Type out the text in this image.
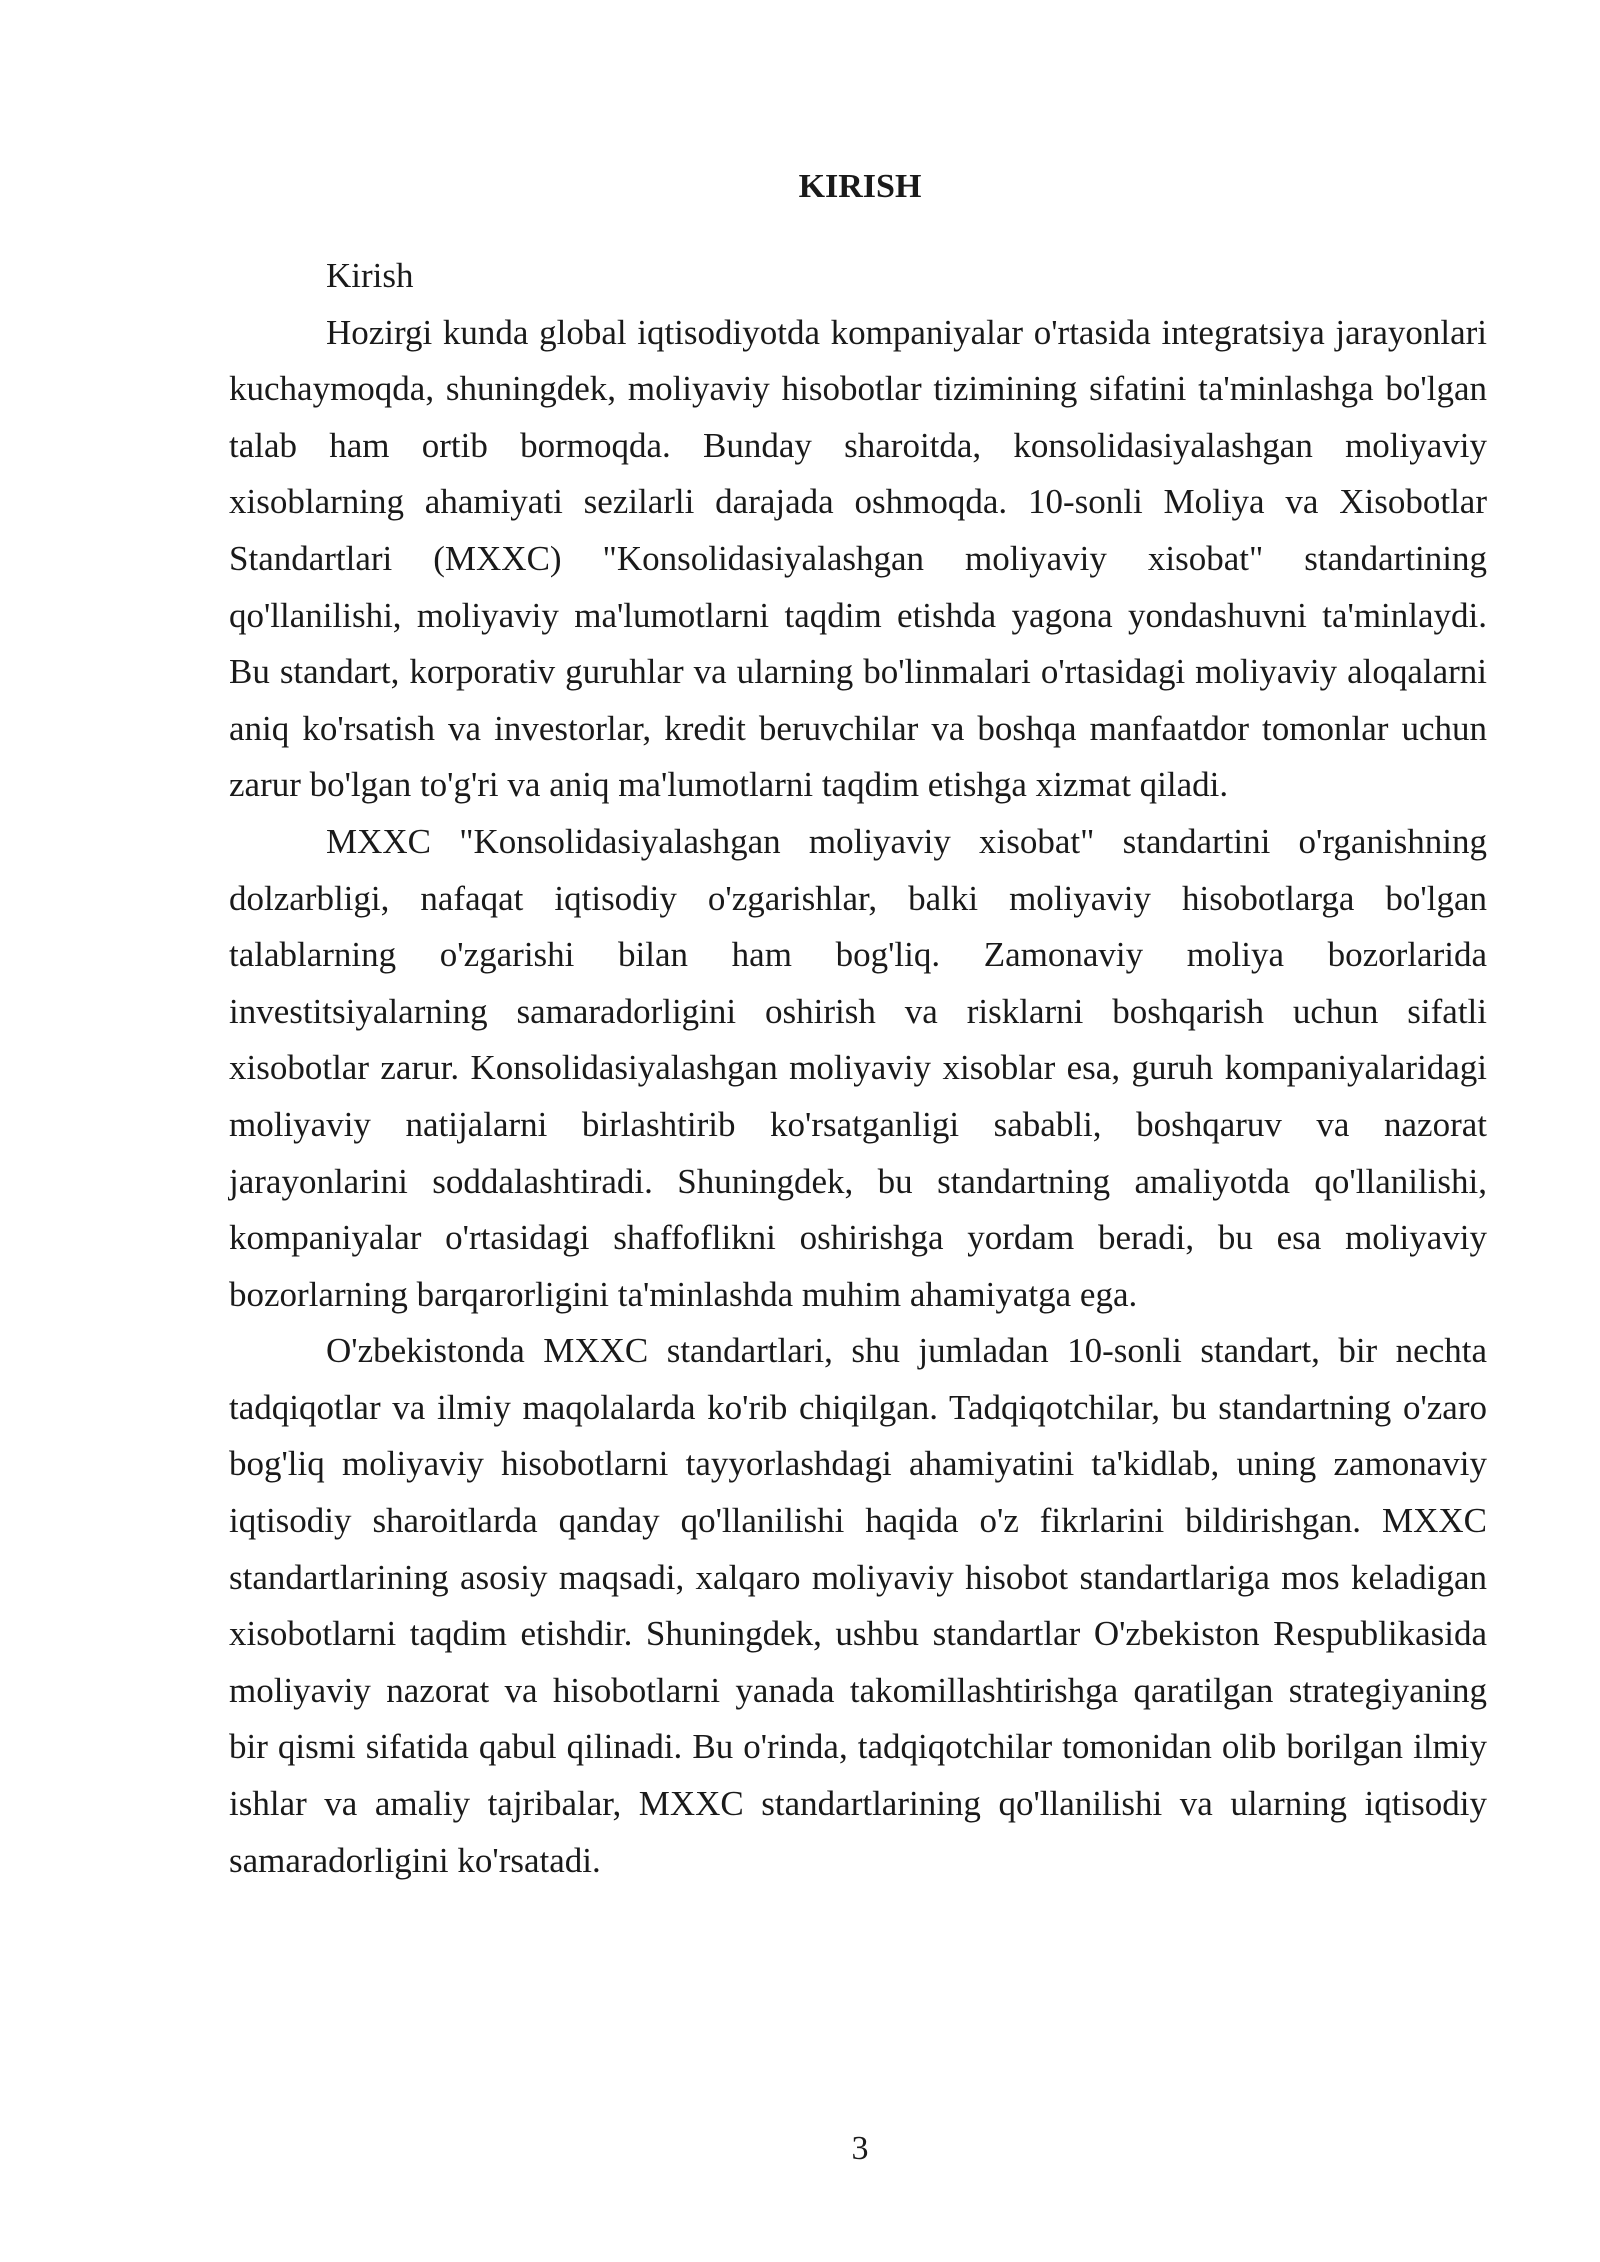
KIRISH

Kirish

Hozirgi kunda global iqtisodiyotda kompaniyalar o'rtasida integratsiya jarayonlari kuchaymoqda, shuningdek, moliyaviy hisobotlar tizimining sifatini ta'minlashga bo'lgan talab ham ortib bormoqda. Bunday sharoitda, konsolidasiyalashgan moliyaviy xisoblarning ahamiyati sezilarli darajada oshmoqda. 10-sonli Moliya va Xisobotlar Standartlari (MXXC) "Konsolidasiyalashgan moliyaviy xisobat" standartining qo'llanilishi, moliyaviy ma'lumotlarni taqdim etishda yagona yondashuvni ta'minlaydi. Bu standart, korporativ guruhlar va ularning bo'linmalari o'rtasidagi moliyaviy aloqalarni aniq ko'rsatish va investorlar, kredit beruvchilar va boshqa manfaatdor tomonlar uchun zarur bo'lgan to'g'ri va aniq ma'lumotlarni taqdim etishga xizmat qiladi.

MXXC "Konsolidasiyalashgan moliyaviy xisobat" standartini o'rganishning dolzarbligi, nafaqat iqtisodiy o'zgarishlar, balki moliyaviy hisobotlarga bo'lgan talablarning o'zgarishi bilan ham bog'liq. Zamonaviy moliya bozorlarida investitsiyalarning samaradorligini oshirish va risklarni boshqarish uchun sifatli xisobotlar zarur. Konsolidasiyalashgan moliyaviy xisoblar esa, guruh kompaniyalaridagi moliyaviy natijalarni birlashtirib ko'rsatganligi sababli, boshqaruv va nazorat jarayonlarini soddalashtiradi. Shuningdek, bu standartning amaliyotda qo'llanilishi, kompaniyalar o'rtasidagi shaffoflikni oshirishga yordam beradi, bu esa moliyaviy bozorlarning barqarorligini ta'minlashda muhim ahamiyatga ega.

O'zbekistonda MXXC standartlari, shu jumladan 10-sonli standart, bir nechta tadqiqotlar va ilmiy maqolalarda ko'rib chiqilgan. Tadqiqotchilar, bu standartning o'zaro bog'liq moliyaviy hisobotlarni tayyorlashdagi ahamiyatini ta'kidlab, uning zamonaviy iqtisodiy sharoitlarda qanday qo'llanilishi haqida o'z fikrlarini bildirishgan. MXXC standartlarining asosiy maqsadi, xalqaro moliyaviy hisobot standartlariga mos keladigan xisobotlarni taqdim etishdir. Shuningdek, ushbu standartlar O'zbekiston Respublikasida moliyaviy nazorat va hisobotlarni yanada takomillashtirishga qaratilgan strategiyaning bir qismi sifatida qabul qilinadi. Bu o'rinda, tadqiqotchilar tomonidan olib borilgan ilmiy ishlar va amaliy tajribalar, MXXC standartlarining qo'llanilishi va ularning iqtisodiy samaradorligini ko'rsatadi.

3
